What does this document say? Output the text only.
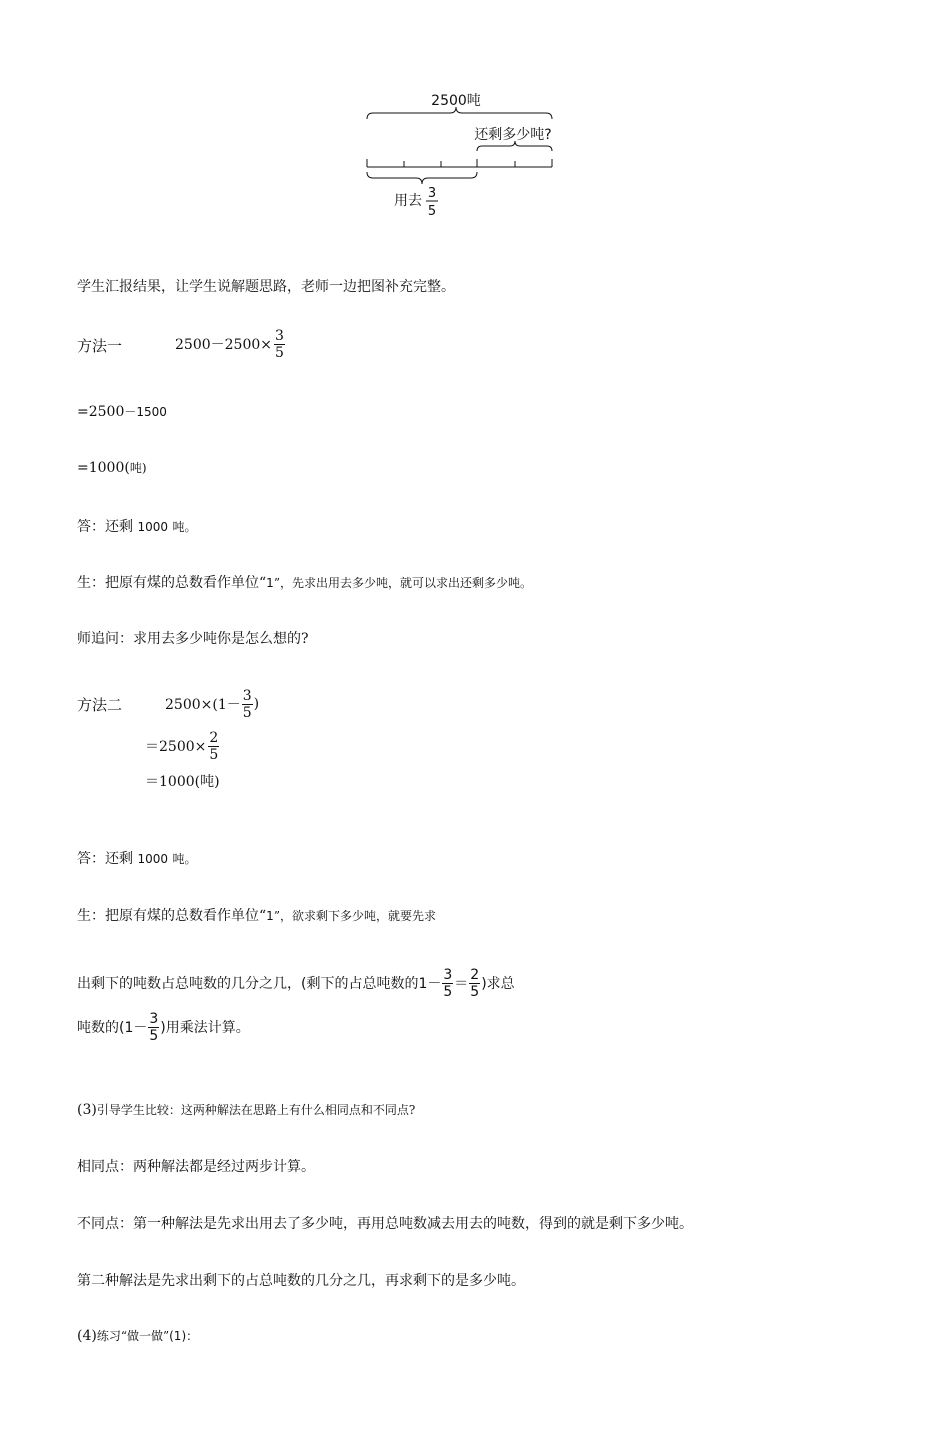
2500吨
还剩多少吨?
用去 3
5
学生汇报结果，让学生说解题思路，老师一边把图补充完整。
方法一	$2500-2500\times \frac{3}{5}$
=2500－1500
=1000(吨)
答：还剩 1000 吨。
生：把原有煤的总数看作单位“1”，先求出用去多少吨，就可以求出还剩多少吨。
师追问：求用去多少吨你是怎么想的?
方法二	$2500\times(1- \frac{3}{5}$ )
$=2500\times \frac{2}{5}$
＝1000(吨)
答：还剩 1000 吨。
生：把原有煤的总数看作单位“1”，欲求剩下多少吨，就要先求
出剩下的吨数占总吨数的几分之几，(剩下的占总吨数的$1- \frac{3}{5} = \frac{2}{5}$ )求总
吨数的($1- \frac{3}{5}$ )用乘法计算。
(3)引导学生比较：这两种解法在思路上有什么相同点和不同点?
相同点：两种解法都是经过两步计算。
不同点：第一种解法是先求出用去了多少吨，再用总吨数减去用去的吨数，得到的就是剩下多少吨。
第二种解法是先求出剩下的占总吨数的几分之几，再求剩下的是多少吨。
(4)练习“做一做”(1)：
